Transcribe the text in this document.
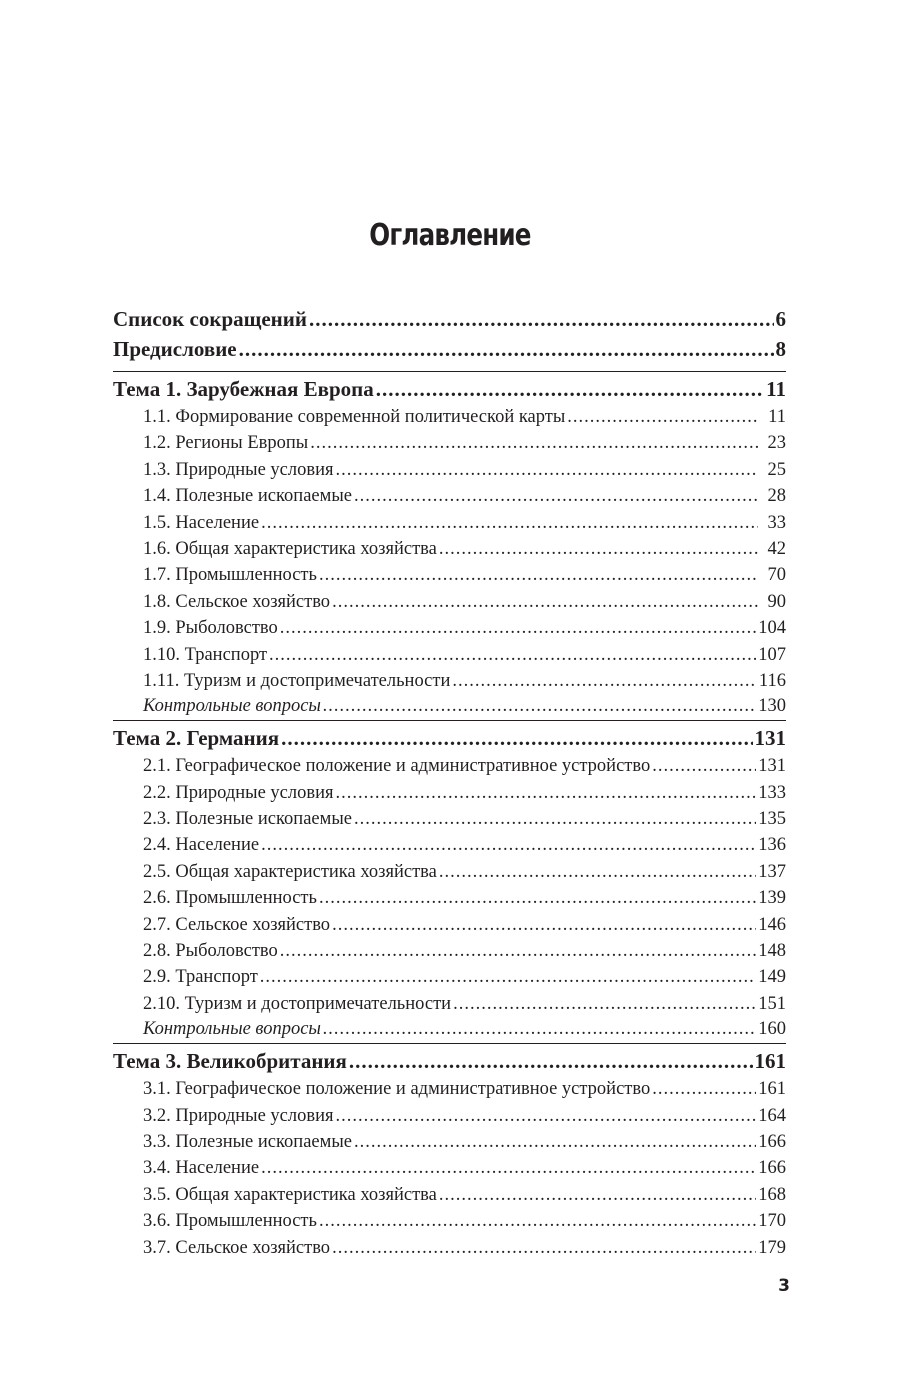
Оглавление
Список сокращений .....	6
Предисловие .....	8
Тема 1. Зарубежная Европа .....	11
1.1. Формирование современной политической карты .....	11
1.2. Регионы Европы .....	23
1.3. Природные условия .....	25
1.4. Полезные ископаемые .....	28
1.5. Население .....	33
1.6. Общая характеристика хозяйства .....	42
1.7. Промышленность .....	70
1.8. Сельское хозяйство .....	90
1.9. Рыболовство .....	104
1.10. Транспорт .....	107
1.11. Туризм и достопримечательности .....	116
Контрольные вопросы .....	130
Тема 2. Германия .....	131
2.1. Географическое положение и административное устройство .....	131
2.2. Природные условия .....	133
2.3. Полезные ископаемые .....	135
2.4. Население .....	136
2.5. Общая характеристика хозяйства .....	137
2.6. Промышленность .....	139
2.7. Сельское хозяйство .....	146
2.8. Рыболовство .....	148
2.9. Транспорт .....	149
2.10. Туризм и достопримечательности .....	151
Контрольные вопросы .....	160
Тема 3. Великобритания .....	161
3.1. Географическое положение и административное устройство .....	161
3.2. Природные условия .....	164
3.3. Полезные ископаемые .....	166
3.4. Население .....	166
3.5. Общая характеристика хозяйства .....	168
3.6. Промышленность .....	170
3.7. Сельское хозяйство .....	179
3
